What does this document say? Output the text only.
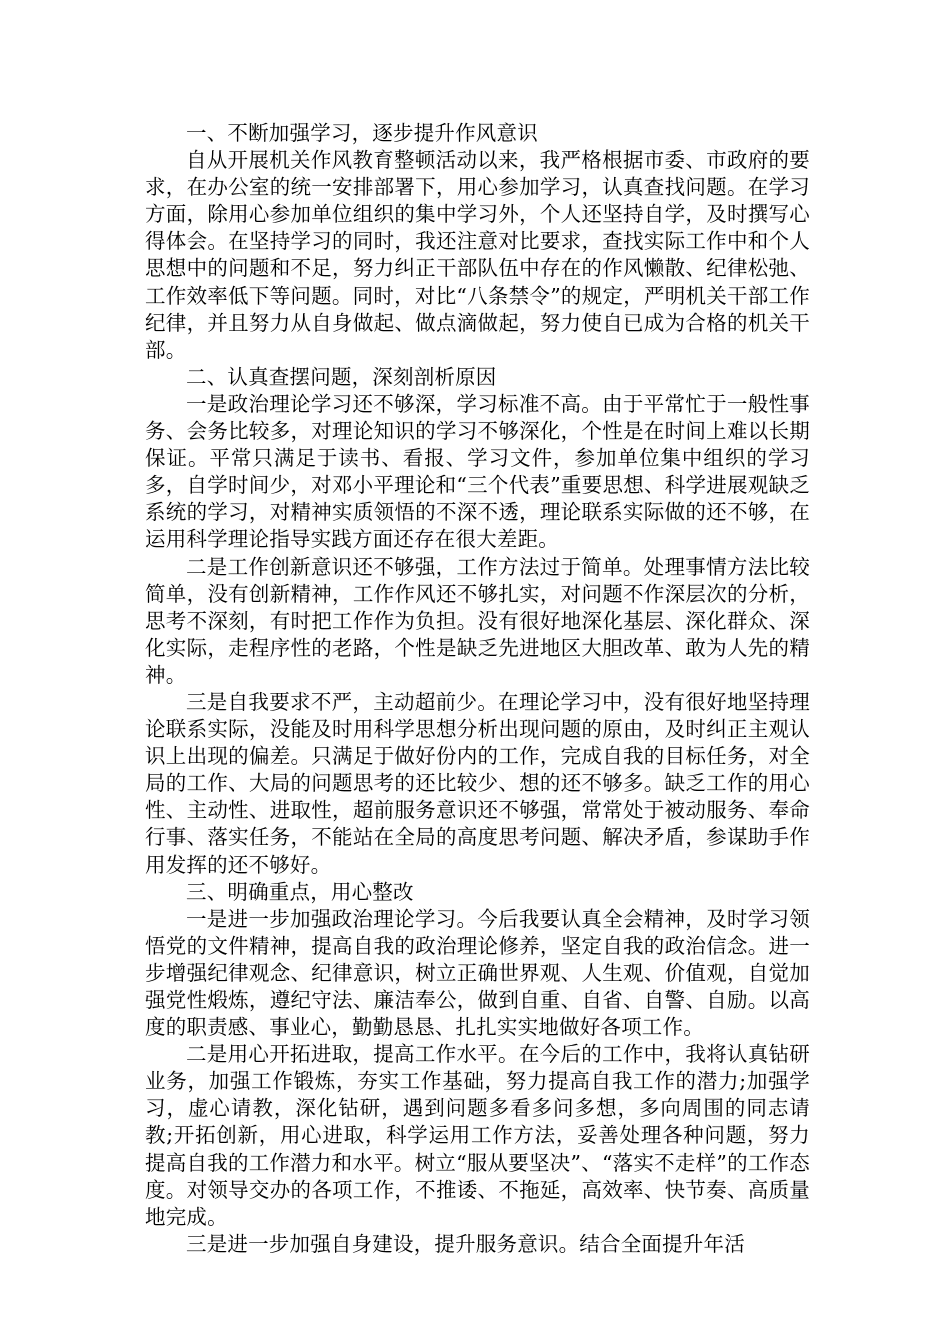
一、不断加强学习，逐步提升作风意识

自从开展机关作风教育整顿活动以来，我严格根据市委、市政府的要求，在办公室的统一安排部署下，用心参加学习，认真查找问题。在学习方面，除用心参加单位组织的集中学习外，个人还坚持自学，及时撰写心得体会。在坚持学习的同时，我还注意对比要求，查找实际工作中和个人思想中的问题和不足，努力纠正干部队伍中存在的作风懒散、纪律松弛、工作效率低下等问题。同时，对比“八条禁令”的规定，严明机关干部工作纪律，并且努力从自身做起、做点滴做起，努力使自已成为合格的机关干部。

二、认真查摆问题，深刻剖析原因

一是政治理论学习还不够深，学习标准不高。由于平常忙于一般性事务、会务比较多，对理论知识的学习不够深化，个性是在时间上难以长期保证。平常只满足于读书、看报、学习文件，参加单位集中组织的学习多，自学时间少，对邓小平理论和“三个代表”重要思想、科学进展观缺乏系统的学习，对精神实质领悟的不深不透，理论联系实际做的还不够，在运用科学理论指导实践方面还存在很大差距。

二是工作创新意识还不够强，工作方法过于简单。处理事情方法比较简单，没有创新精神，工作作风还不够扎实，对问题不作深层次的分析，思考不深刻，有时把工作作为负担。没有很好地深化基层、深化群众、深化实际，走程序性的老路，个性是缺乏先进地区大胆改革、敢为人先的精神。

三是自我要求不严，主动超前少。在理论学习中，没有很好地坚持理论联系实际，没能及时用科学思想分析出现问题的原由，及时纠正主观认识上出现的偏差。只满足于做好份内的工作，完成自我的目标任务，对全局的工作、大局的问题思考的还比较少、想的还不够多。缺乏工作的用心性、主动性、进取性，超前服务意识还不够强，常常处于被动服务、奉命行事、落实任务，不能站在全局的高度思考问题、解决矛盾，参谋助手作用发挥的还不够好。

三、明确重点，用心整改

一是进一步加强政治理论学习。今后我要认真全会精神，及时学习领悟党的文件精神，提高自我的政治理论修养，坚定自我的政治信念。进一步增强纪律观念、纪律意识，树立正确世界观、人生观、价值观，自觉加强党性煅炼，遵纪守法、廉洁奉公，做到自重、自省、自警、自励。以高度的职责感、事业心，勤勤恳恳、扎扎实实地做好各项工作。

二是用心开拓进取，提高工作水平。在今后的工作中，我将认真钻研业务，加强工作锻炼，夯实工作基础，努力提高自我工作的潜力;加强学习，虚心请教，深化钻研，遇到问题多看多问多想，多向周围的同志请教;开拓创新，用心进取，科学运用工作方法，妥善处理各种问题，努力提高自我的工作潜力和水平。树立“服从要坚决”、“落实不走样”的工作态度。对领导交办的各项工作，不推诿、不拖延，高效率、快节奏、高质量地完成。

三是进一步加强自身建设，提升服务意识。结合全面提升年活
